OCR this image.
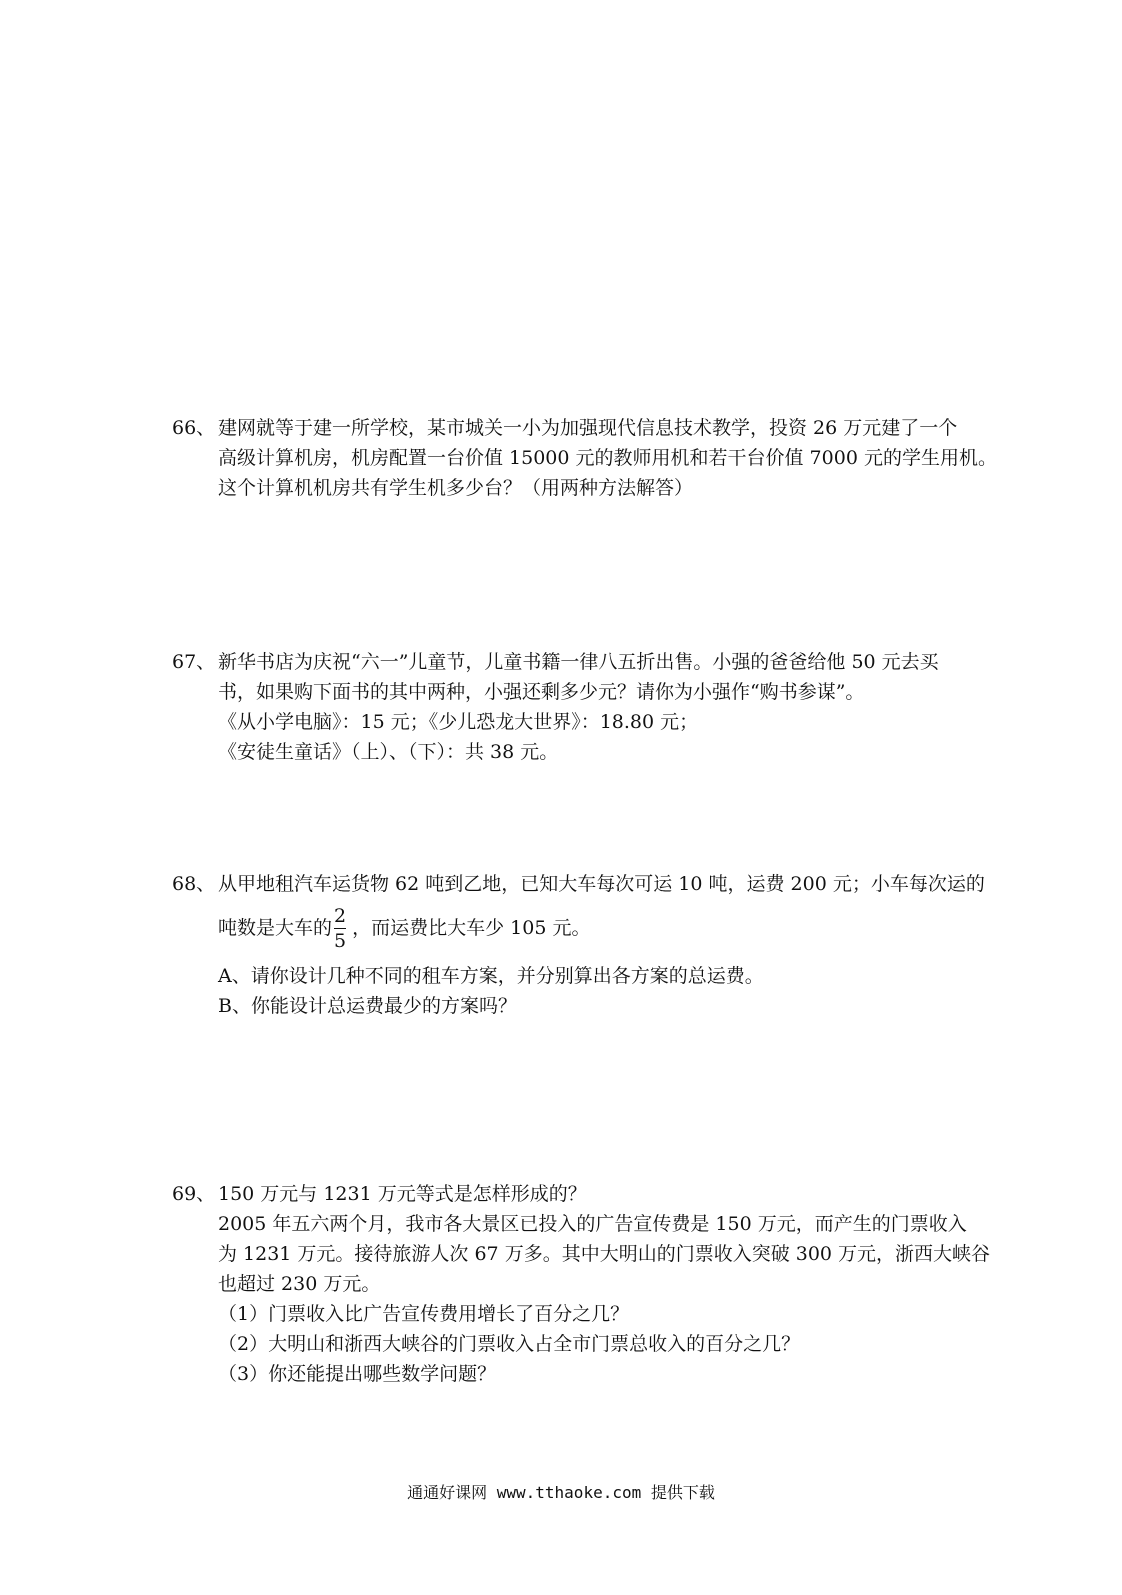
66、 建网就等于建一所学校，某市城关一小为加强现代信息技术教学，投资 26 万元建了一个
高级计算机房，机房配置一台价值 15000 元的教师用机和若干台价值 7000 元的学生用机。
这个计算机机房共有学生机多少台？（用两种方法解答）
67、 新华书店为庆祝“六一”儿童节，儿童书籍一律八五折出售。小强的爸爸给他 50 元去买
书，如果购下面书的其中两种，小强还剩多少元？请你为小强作“购书参谋”。
《从小学电脑》：15 元；《少儿恐龙大世界》：18.80 元；
《安徒生童话》（上）、（下）：共 38 元。
68、 从甲地租汽车运货物 62 吨到乙地，已知大车每次可运 10 吨，运费 200 元；小车每次运的
吨数是大车的 $\frac{2}{5}$ ，而运费比大车少 105 元。
A、请你设计几种不同的租车方案，并分别算出各方案的总运费。
B、你能设计总运费最少的方案吗？
69、 150 万元与 1231 万元等式是怎样形成的？
2005 年五六两个月，我市各大景区已投入的广告宣传费是 150 万元，而产生的门票收入
为 1231 万元。接待旅游人次 67 万多。其中大明山的门票收入突破 300 万元，浙西大峡谷
也超过 230 万元。
（1）门票收入比广告宣传费用增长了百分之几？
（2）大明山和浙西大峡谷的门票收入占全市门票总收入的百分之几？
（3）你还能提出哪些数学问题？
通通好课网 www.tthaoke.com 提供下载
